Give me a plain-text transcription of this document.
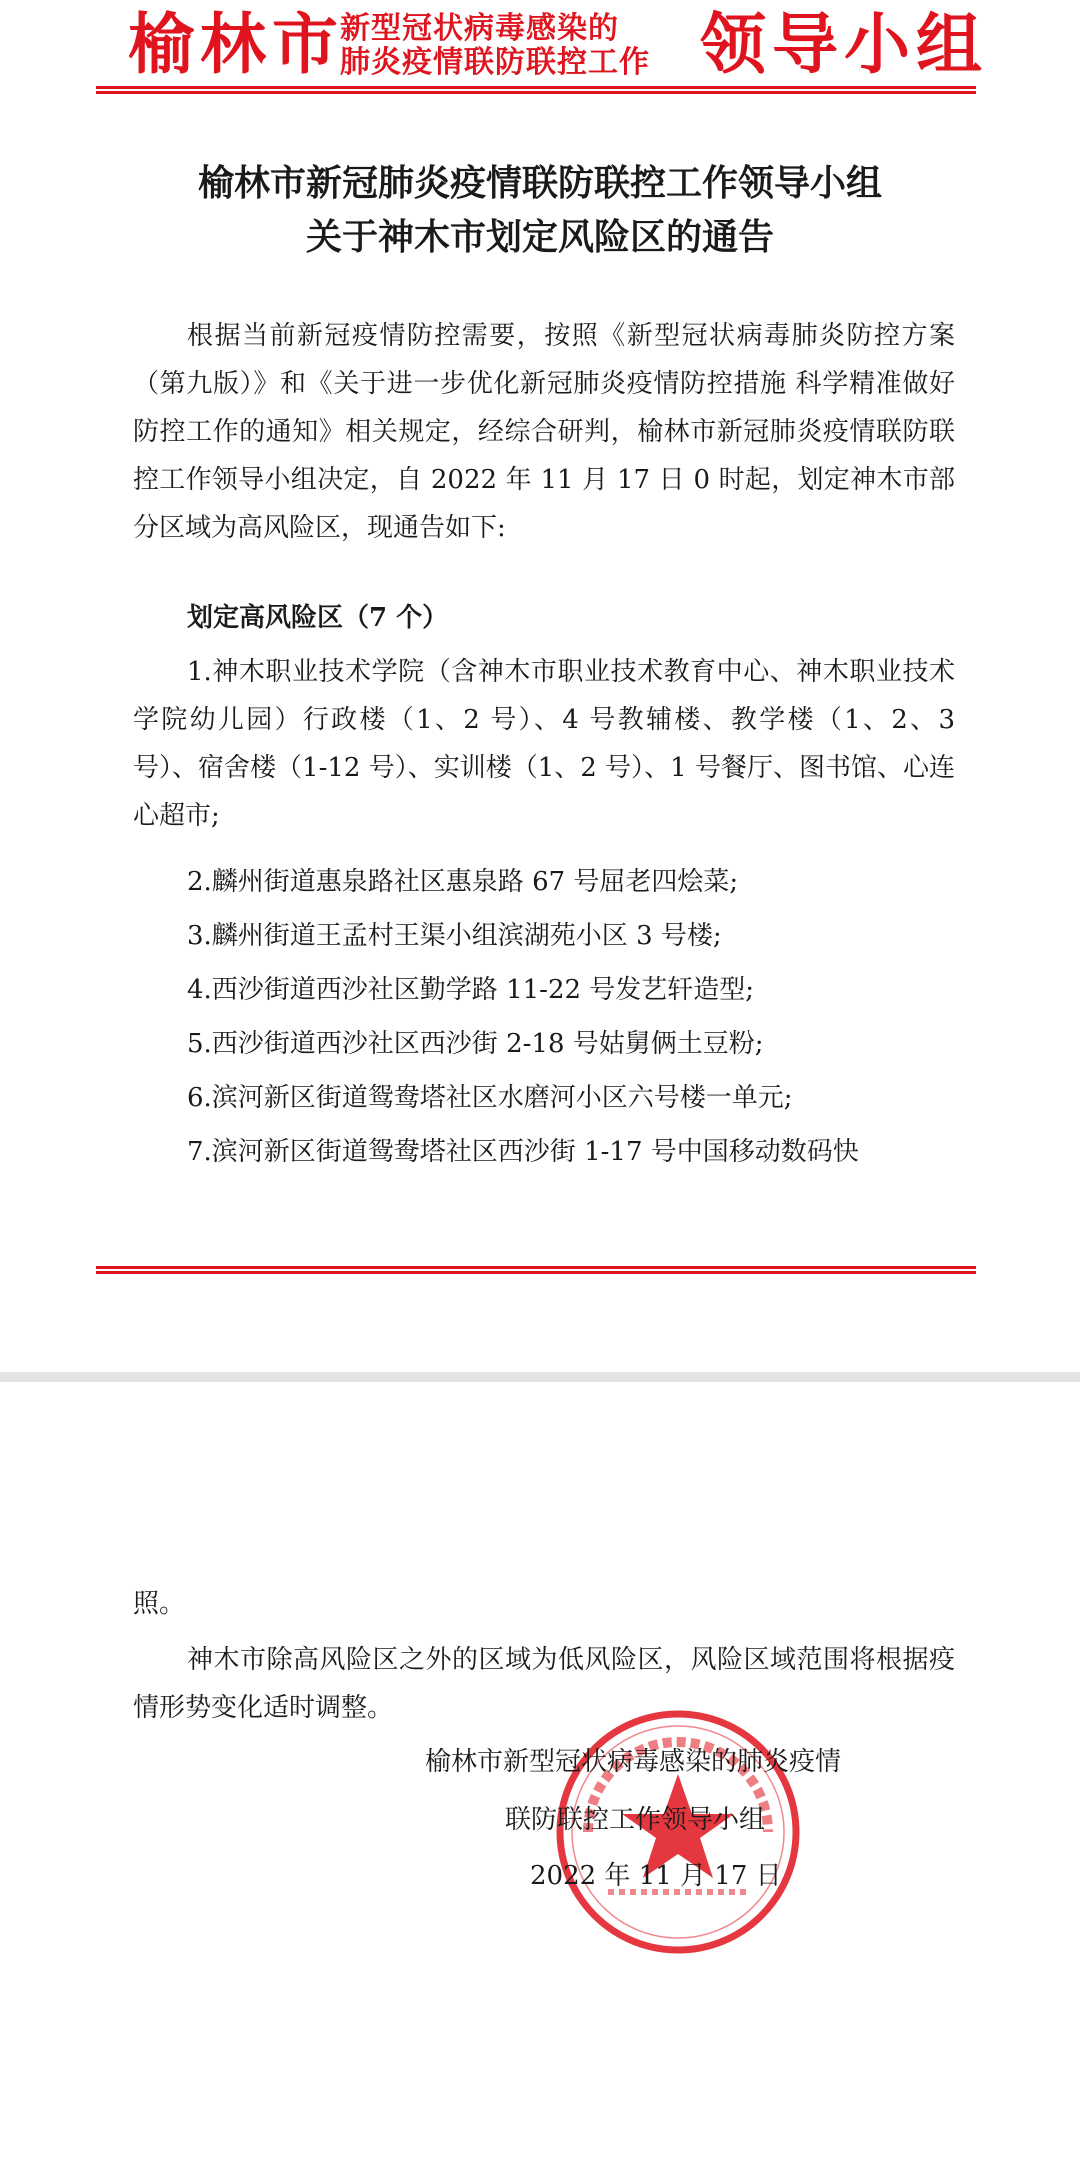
榆林市
新型冠状病毒感染的
肺炎疫情联防联控工作 领导小组
榆林市新冠肺炎疫情联防联控工作领导小组
关于神木市划定风险区的通告
根据当前新冠疫情防控需要，按照《新型冠状病毒肺炎防控方案（第九版）》和《关于进一步优化新冠肺炎疫情防控措施 科学精准做好防控工作的通知》相关规定，经综合研判，榆林市新冠肺炎疫情联防联控工作领导小组决定，自 2022 年 11 月 17 日 0 时起，划定神木市部分区域为高风险区，现通告如下:
划定高风险区（7 个）
1.神木职业技术学院（含神木市职业技术教育中心、神木职业技术学院幼儿园）行政楼（1、2 号）、4 号教辅楼、教学楼（1、2、3 号）、宿舍楼（1-12 号）、实训楼（1、2 号）、1 号餐厅、图书馆、心连心超市;
2.麟州街道惠泉路社区惠泉路 67 号屈老四烩菜;
3.麟州街道王孟村王渠小组滨湖苑小区 3 号楼;
4.西沙街道西沙社区勤学路 11-22 号发艺轩造型;
5.西沙街道西沙社区西沙街 2-18 号姑舅俩土豆粉;
6.滨河新区街道鸳鸯塔社区水磨河小区六号楼一单元;
7.滨河新区街道鸳鸯塔社区西沙街 1-17 号中国移动数码快
照。
神木市除高风险区之外的区域为低风险区，风险区域范围将根据疫情形势变化适时调整。
榆林市新型冠状病毒感染的肺炎疫情
联防联控工作领导小组
2022 年 11 月 17 日
